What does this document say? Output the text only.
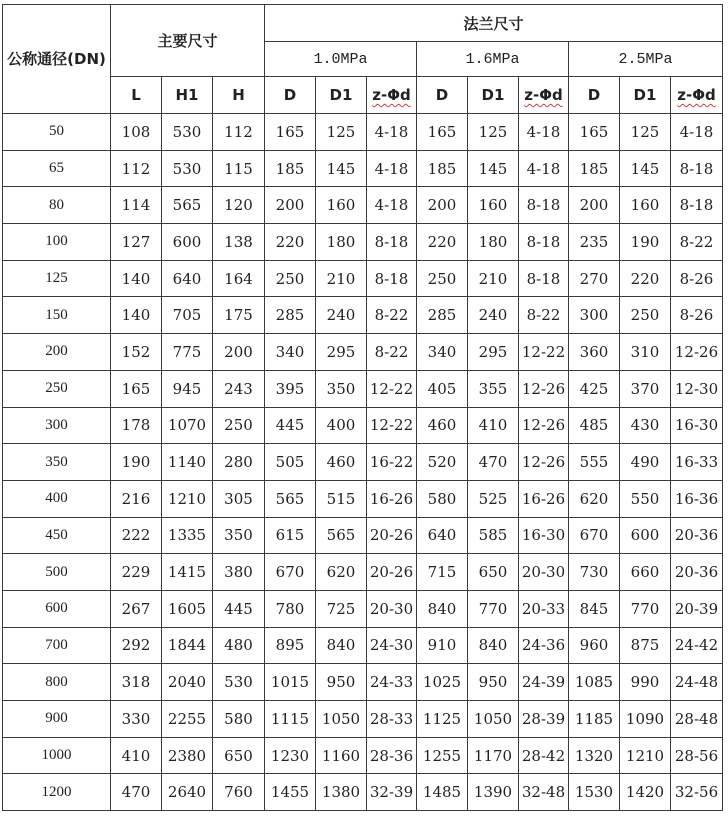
公称通径(DN)	主要尺寸			法兰尺寸								
				1.0MPa			1.6MPa			2.5MPa		
	L	H1	H	D	D1	z-Φd	D	D1	z-Φd	D	D1	z-Φd
50	108	530	112	165	125	4-18	165	125	4-18	165	125	4-18
65	112	530	115	185	145	4-18	185	145	4-18	185	145	8-18
80	114	565	120	200	160	4-18	200	160	8-18	200	160	8-18
100	127	600	138	220	180	8-18	220	180	8-18	235	190	8-22
125	140	640	164	250	210	8-18	250	210	8-18	270	220	8-26
150	140	705	175	285	240	8-22	285	240	8-22	300	250	8-26
200	152	775	200	340	295	8-22	340	295	12-22	360	310	12-26
250	165	945	243	395	350	12-22	405	355	12-26	425	370	12-30
300	178	1070	250	445	400	12-22	460	410	12-26	485	430	16-30
350	190	1140	280	505	460	16-22	520	470	12-26	555	490	16-33
400	216	1210	305	565	515	16-26	580	525	16-26	620	550	16-36
450	222	1335	350	615	565	20-26	640	585	16-30	670	600	20-36
500	229	1415	380	670	620	20-26	715	650	20-30	730	660	20-36
600	267	1605	445	780	725	20-30	840	770	20-33	845	770	20-39
700	292	1844	480	895	840	24-30	910	840	24-36	960	875	24-42
800	318	2040	530	1015	950	24-33	1025	950	24-39	1085	990	24-48
900	330	2255	580	1115	1050	28-33	1125	1050	28-39	1185	1090	28-48
1000	410	2380	650	1230	1160	28-36	1255	1170	28-42	1320	1210	28-56
1200	470	2640	760	1455	1380	32-39	1485	1390	32-48	1530	1420	32-56
